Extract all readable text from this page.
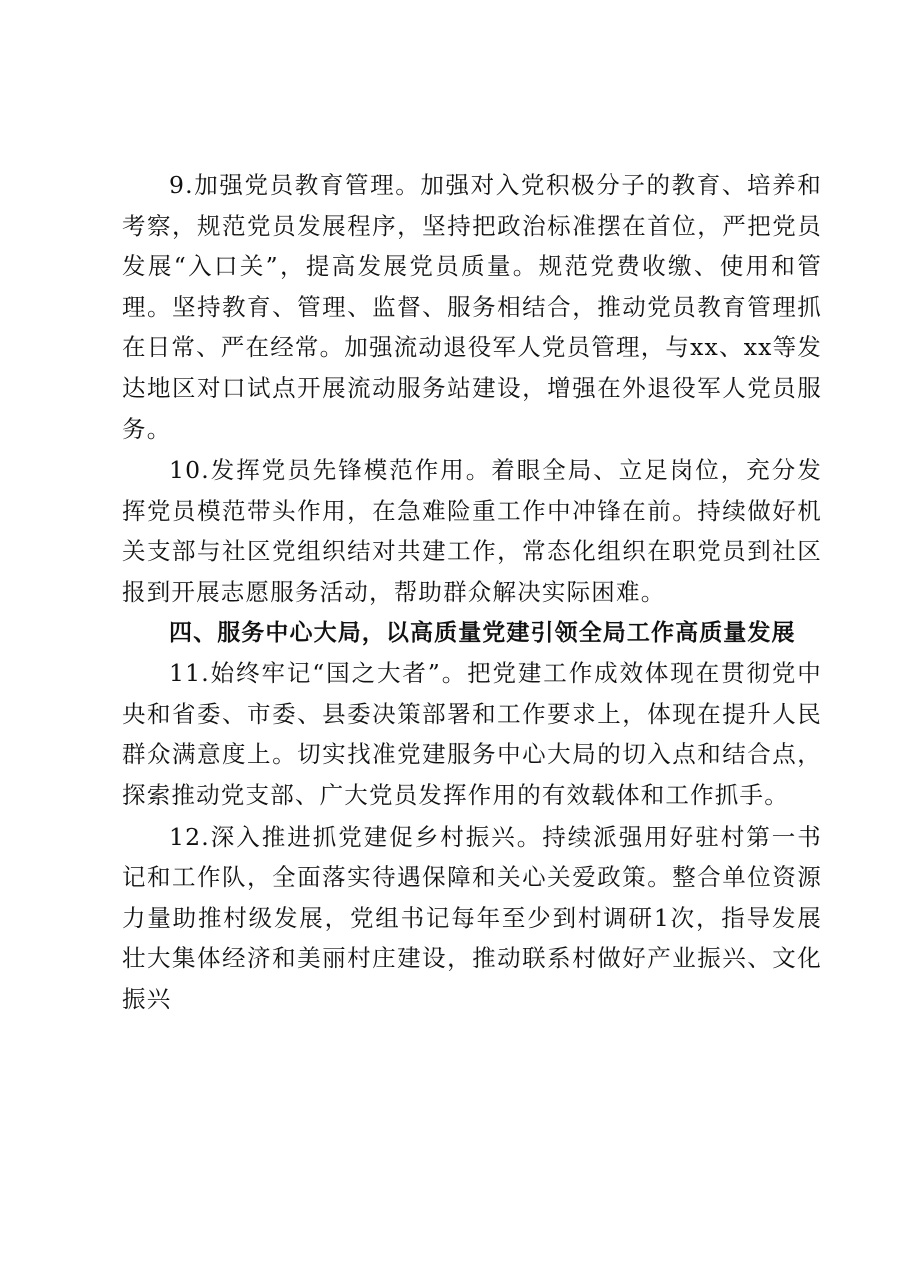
9.加强党员教育管理。加强对入党积极分子的教育、培养和考察，规范党员发展程序，坚持把政治标准摆在首位，严把党员发展“入口关”，提高发展党员质量。规范党费收缴、使用和管理。坚持教育、管理、监督、服务相结合，推动党员教育管理抓在日常、严在经常。加强流动退役军人党员管理，与xx、xx等发达地区对口试点开展流动服务站建设，增强在外退役军人党员服务。

10.发挥党员先锋模范作用。着眼全局、立足岗位，充分发挥党员模范带头作用，在急难险重工作中冲锋在前。持续做好机关支部与社区党组织结对共建工作，常态化组织在职党员到社区报到开展志愿服务活动，帮助群众解决实际困难。

四、服务中心大局，以高质量党建引领全局工作高质量发展

11.始终牢记“国之大者”。把党建工作成效体现在贯彻党中央和省委、市委、县委决策部署和工作要求上，体现在提升人民群众满意度上。切实找准党建服务中心大局的切入点和结合点，探索推动党支部、广大党员发挥作用的有效载体和工作抓手。

12.深入推进抓党建促乡村振兴。持续派强用好驻村第一书记和工作队，全面落实待遇保障和关心关爱政策。整合单位资源力量助推村级发展，党组书记每年至少到村调研1次，指导发展壮大集体经济和美丽村庄建设，推动联系村做好产业振兴、文化振兴
